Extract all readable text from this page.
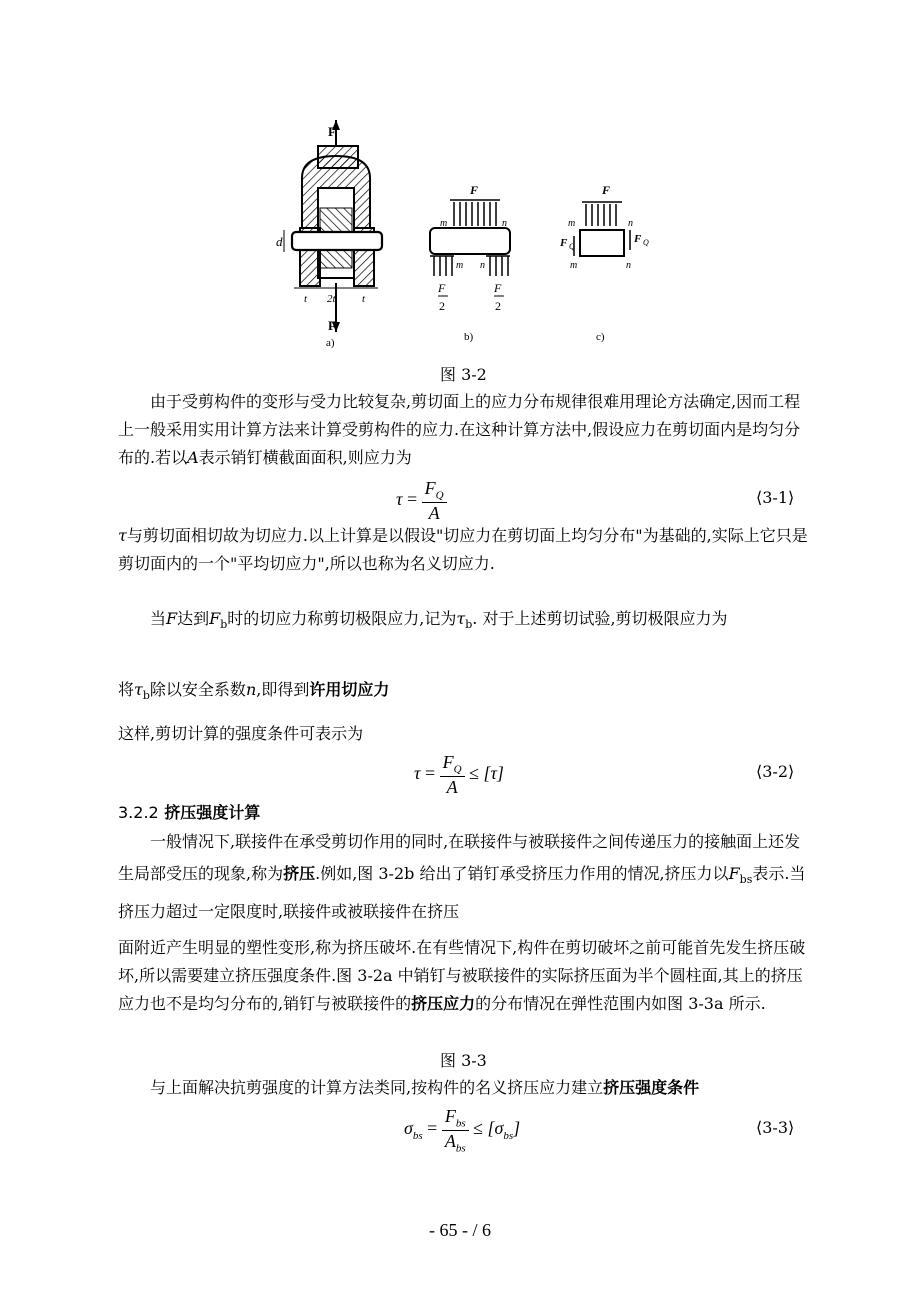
F
F
d
t 2t t
a)
F
m	n
m n
F
2
F
2
b)
F
m	n
F Q
F Q
m	n
c)
图 3-2
由于受剪构件的变形与受力比较复杂,剪切面上的应力分布规律很难用理论方法确定,因而工程上一般采用实用计算方法来计算受剪构件的应力.在这种计算方法中,假设应力在剪切面内是均匀分布的.若以A表示销钉横截面面积,则应力为
$\tau = \frac{F_Q}{A}$	⟨3-1⟩
τ与剪切面相切故为切应力.以上计算是以假设"切应力在剪切面上均匀分布"为基础的,实际上它只是剪切面内的一个"平均切应力",所以也称为名义切应力.
当F达到$F_b$时的切应力称剪切极限应力,记为$\tau_b$. 对于上述剪切试验,剪切极限应力为
将$\tau_b$除以安全系数n,即得到许用切应力
这样,剪切计算的强度条件可表示为
$\tau = \frac{F_Q}{A} \le [\tau]$	⟨3-2⟩
3.2.2 挤压强度计算
一般情况下,联接件在承受剪切作用的同时,在联接件与被联接件之间传递压力的接触面上还发生局部受压的现象,称为挤压.例如,图 3-2b 给出了销钉承受挤压力作用的情况,挤压力以$F_{bs}$表示.当挤压力超过一定限度时,联接件或被联接件在挤压
面附近产生明显的塑性变形,称为挤压破坏.在有些情况下,构件在剪切破坏之前可能首先发生挤压破坏,所以需要建立挤压强度条件.图 3-2a 中销钉与被联接件的实际挤压面为半个圆柱面,其上的挤压应力也不是均匀分布的,销钉与被联接件的挤压应力的分布情况在弹性范围内如图 3-3a 所示.
图 3-3
与上面解决抗剪强度的计算方法类同,按构件的名义挤压应力建立挤压强度条件
$\sigma_{bs} = \frac{F_{bs}}{A_{bs}} \le [\sigma_{bs}]$	⟨3-3⟩
- 65 - / 6
